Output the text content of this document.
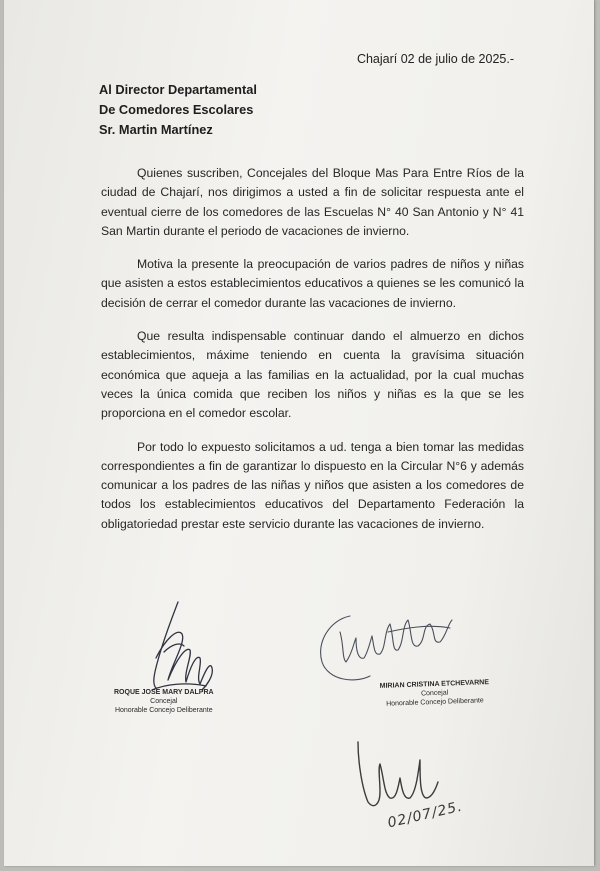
Chajarí 02 de julio de 2025.-
Al Director Departamental
De Comedores Escolares
Sr. Martin Martínez

Quienes suscriben, Concejales del Bloque Mas Para Entre Ríos de la ciudad de Chajarí, nos dirigimos a usted a fin de solicitar respuesta ante el eventual cierre de los comedores de las Escuelas N° 40 San Antonio y N° 41 San Martin durante el periodo de vacaciones de invierno.

Motiva la presente la preocupación de varios padres de niños y niñas que asisten a estos establecimientos educativos a quienes se les comunicó la decisión de cerrar el comedor durante las vacaciones de invierno.

Que resulta indispensable continuar dando el almuerzo en dichos establecimientos, máxime teniendo en cuenta la gravísima situación económica que aqueja a las familias en la actualidad, por la cual muchas veces la única comida que reciben los niños y niñas es la que se les proporciona en el comedor escolar.

Por todo lo expuesto solicitamos a ud. tenga a bien tomar las medidas correspondientes a fin de garantizar lo dispuesto en la Circular N°6 y además comunicar a los padres de las niñas y niños que asisten a los comedores de todos los establecimientos educativos del Departamento Federación la obligatoriedad prestar este servicio durante las vacaciones de invierno.

ROQUE JOSE MARY DALPRA
Concejal
Honorable Concejo Deliberante
MIRIAN CRISTINA ETCHEVARNE
Concejal
Honorable Concejo Deliberante
02/07/25.
